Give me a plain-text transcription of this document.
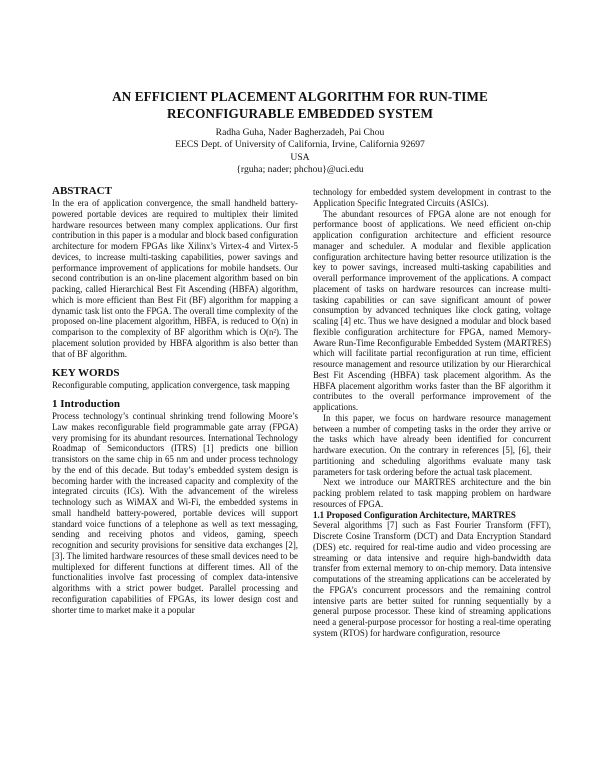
AN EFFICIENT PLACEMENT ALGORITHM FOR RUN-TIME
RECONFIGURABLE EMBEDDED SYSTEM
Radha Guha, Nader Bagherzadeh, Pai Chou
EECS Dept. of University of California, Irvine, California 92697
USA
{rguha; nader; phchou}@uci.edu
ABSTRACT

In the era of application convergence, the small handheld battery-powered portable devices are required to multiplex their limited hardware resources between many complex applications. Our first contribution in this paper is a modular and block based configuration architecture for modern FPGAs like Xilinx’s Virtex-4 and Virtex-5 devices, to increase multi-tasking capabilities, power savings and performance improvement of applications for mobile handsets. Our second contribution is an on-line placement algorithm based on bin packing, called Hierarchical Best Fit Ascending (HBFA) algorithm, which is more efficient than Best Fit (BF) algorithm for mapping a dynamic task list onto the FPGA. The overall time complexity of the proposed on-line placement algorithm, HBFA, is reduced to O(n) in comparison to the complexity of BF algorithm which is O(n²). The placement solution provided by HBFA algorithm is also better than that of BF algorithm.

KEY WORDS

Reconfigurable computing, application convergence, task mapping

1 Introduction

Process technology’s continual shrinking trend following Moore’s Law makes reconfigurable field programmable gate array (FPGA) very promising for its abundant resources. International Technology Roadmap of Semiconductors (ITRS) [1] predicts one billion transistors on the same chip in 65 nm and under process technology by the end of this decade. But today’s embedded system design is becoming harder with the increased capacity and complexity of the integrated circuits (ICs). With the advancement of the wireless technology such as WiMAX and Wi-Fi, the embedded systems in small handheld battery-powered, portable devices will support standard voice functions of a telephone as well as text messaging, sending and receiving photos and videos, gaming, speech recognition and security provisions for sensitive data exchanges [2], [3]. The limited hardware resources of these small devices need to be multiplexed for different functions at different times. All of the functionalities involve fast processing of complex data-intensive algorithms with a strict power budget. Parallel processing and reconfiguration capabilities of FPGAs, its lower design cost and shorter time to market make it a popular

technology for embedded system development in contrast to the Application Specific Integrated Circuits (ASICs).

The abundant resources of FPGA alone are not enough for performance boost of applications. We need efficient on-chip application configuration architecture and efficient resource manager and scheduler. A modular and flexible application configuration architecture having better resource utilization is the key to power savings, increased multi-tasking capabilities and overall performance improvement of the applications. A compact placement of tasks on hardware resources can increase multi-tasking capabilities or can save significant amount of power consumption by advanced techniques like clock gating, voltage scaling [4] etc. Thus we have designed a modular and block based flexible configuration architecture for FPGA, named Memory-Aware Run-Time Reconfigurable Embedded System (MARTRES) which will facilitate partial reconfiguration at run time, efficient resource management and resource utilization by our Hierarchical Best Fit Ascending (HBFA) task placement algorithm. As the HBFA placement algorithm works faster than the BF algorithm it contributes to the overall performance improvement of the applications.

In this paper, we focus on hardware resource management between a number of competing tasks in the order they arrive or the tasks which have already been identified for concurrent hardware execution. On the contrary in references [5], [6], their partitioning and scheduling algorithms evaluate many task parameters for task ordering before the actual task placement.

Next we introduce our MARTRES architecture and the bin packing problem related to task mapping problem on hardware resources of FPGA.

1.1 Proposed Configuration Architecture, MARTRES

Several algorithms [7] such as Fast Fourier Transform (FFT), Discrete Cosine Transform (DCT) and Data Encryption Standard (DES) etc. required for real-time audio and video processing are streaming or data intensive and require high-bandwidth data transfer from external memory to on-chip memory. Data intensive computations of the streaming applications can be accelerated by the FPGA’s concurrent processors and the remaining control intensive parts are better suited for running sequentially by a general purpose processor. These kind of streaming applications need a general-purpose processor for hosting a real-time operating system (RTOS) for hardware configuration, resource
